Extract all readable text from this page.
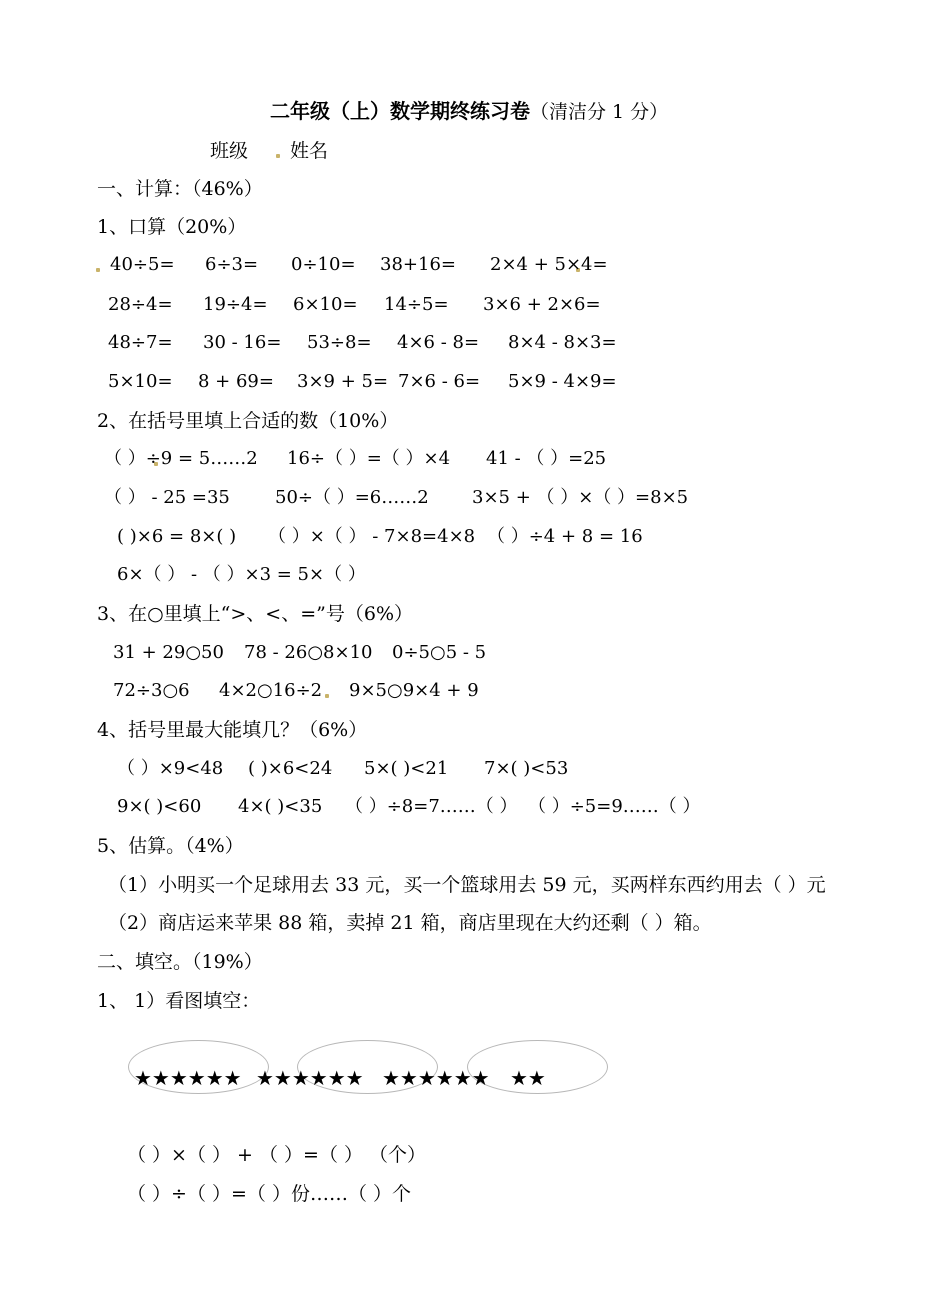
二年级（上）数学期终练习卷（清洁分 1 分）
班级 姓名
一、计算：（46%）
1、口算（20%）
40÷5= 6÷3= 0÷10= 38+16= 2×4 + 5×4=
28÷4= 19÷4= 6×10= 14÷5= 3×6 + 2×6=
48÷7= 30 - 16= 53÷8= 4×6 - 8= 8×4 - 8×3=
5×10= 8 + 69= 3×9 + 5= 7×6 - 6= 5×9 - 4×9=
2、在括号里填上合适的数（10%）
（ ）÷9 = 5……2 16÷（ ）=（ ）×4 41 - （ ）=25
（ ） - 25 =35	50÷（ ）=6……2 3×5 + （ ）×（ ）=8×5
( )×6 = 8×( ) （ ）×（ ） - 7×8=4×8 （ ）÷4 + 8 = 16
6×（ ） - （ ）×3 = 5×（ ）
3、在○里填上“>、<、=”号（6%）
31 + 29○50 78 - 26○8×10 0÷5○5 - 5
72÷3○6 4×2○16÷2 9×5○9×4 + 9
4、括号里最大能填几？（6%）
（ ）×9<48 ( )×6<24 5×( )<21 7×( )<53
9×( )<60 4×( )<35 （ ）÷8=7……（ ） （ ）÷5=9……（ ）
5、估算。（4%）
（1）小明买一个足球用去 33 元，买一个篮球用去 59 元，买两样东西约用去（ ）元
（2）商店运来苹果 88 箱，卖掉 21 箱，商店里现在大约还剩（ ）箱。
二、填空。（19%）
1、 1）看图填空：
★★★★★★ ★★★★★★ ★★★★★★ ★★
（ ）×（ ） + （ ）=（ ） （个）
（ ）÷（ ）=（ ）份……（ ）个
